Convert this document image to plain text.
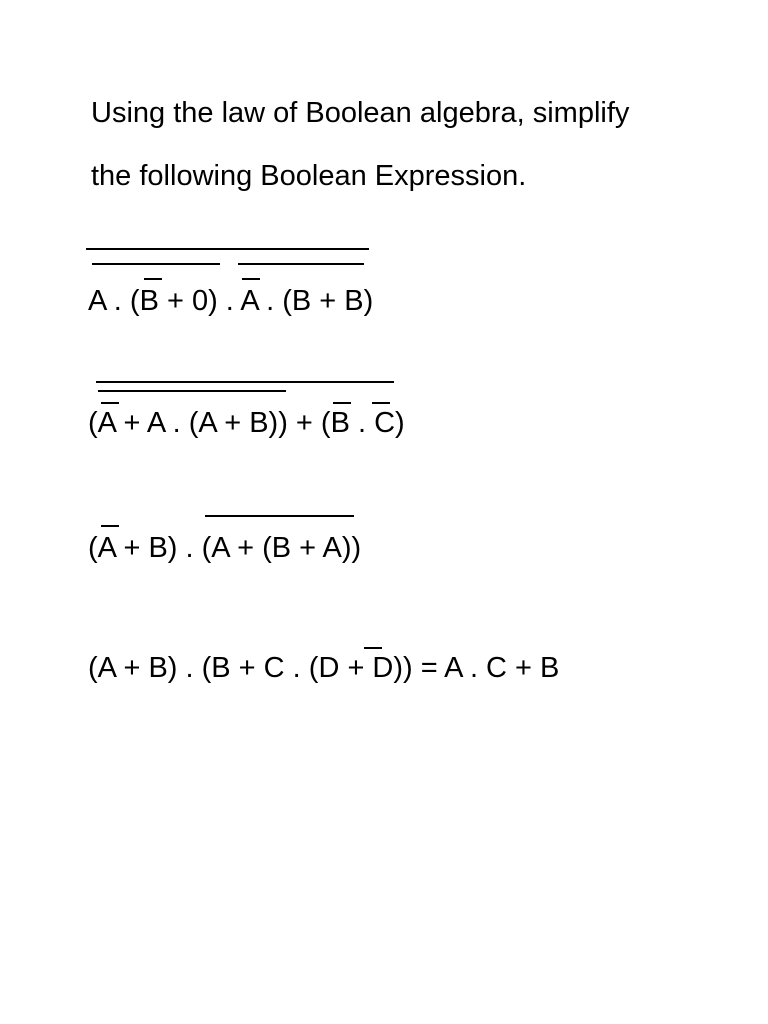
Using the law of Boolean algebra, simplify

the following Boolean Expression.

A . (B + 0) . A . (B + B)
(A + A . (A + B)) + (B . C)
(A + B) . (A + (B + A))
(A + B) . (B + C . (D + D)) = A . C + B
